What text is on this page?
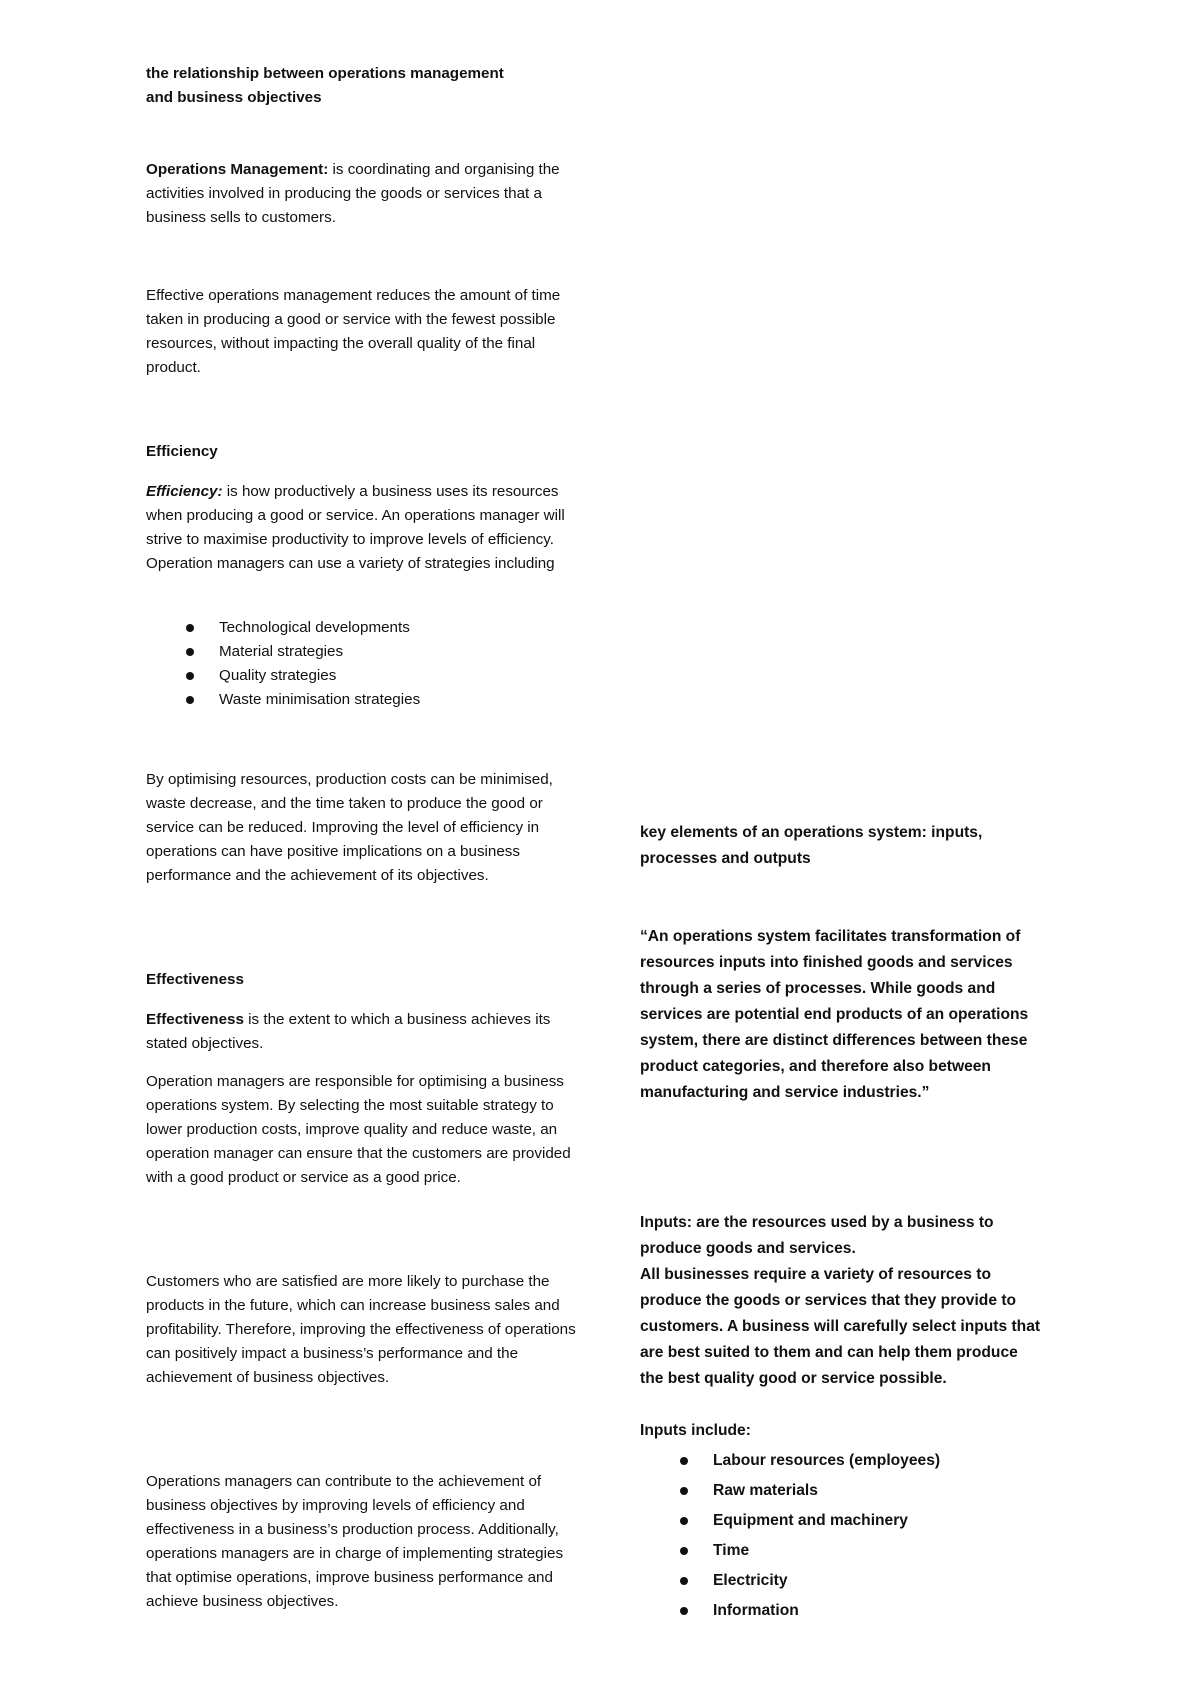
the relationship between operations management
and business objectives

Operations Management: is coordinating and organising the activities involved in producing the goods or services that a business sells to customers.

Effective operations management reduces the amount of time taken in producing a good or service with the fewest possible resources, without impacting the overall quality of the final product.

Efficiency

Efficiency: is how productively a business uses its resources when producing a good or service. An operations manager will strive to maximise productivity to improve levels of efficiency. Operation managers can use a variety of strategies including

Technological developments
Material strategies
Quality strategies
Waste minimisation strategies

By optimising resources, production costs can be minimised, waste decrease, and the time taken to produce the good or service can be reduced. Improving the level of efficiency in operations can have positive implications on a business performance and the achievement of its objectives.

Effectiveness

Effectiveness is the extent to which a business achieves its stated objectives.

Operation managers are responsible for optimising a business operations system. By selecting the most suitable strategy to lower production costs, improve quality and reduce waste, an operation manager can ensure that the customers are provided with a good product or service as a good price.

Customers who are satisfied are more likely to purchase the products in the future, which can increase business sales and profitability. Therefore, improving the effectiveness of operations can positively impact a business’s performance and the achievement of business objectives.

Operations managers can contribute to the achievement of business objectives by improving levels of efficiency and effectiveness in a business’s production process. Additionally, operations managers are in charge of implementing strategies that optimise operations, improve business performance and achieve business objectives.

key elements of an operations system: inputs, processes and outputs

“An operations system facilitates transformation of resources inputs into finished goods and services through a series of processes. While goods and services are potential end products of an operations system, there are distinct differences between these product categories, and therefore also between manufacturing and service industries.”

Inputs: are the resources used by a business to produce goods and services.
All businesses require a variety of resources to produce the goods or services that they provide to customers. A business will carefully select inputs that are best suited to them and can help them produce the best quality good or service possible.

Inputs include:

Labour resources (employees)
Raw materials
Equipment and machinery
Time
Electricity
Information
